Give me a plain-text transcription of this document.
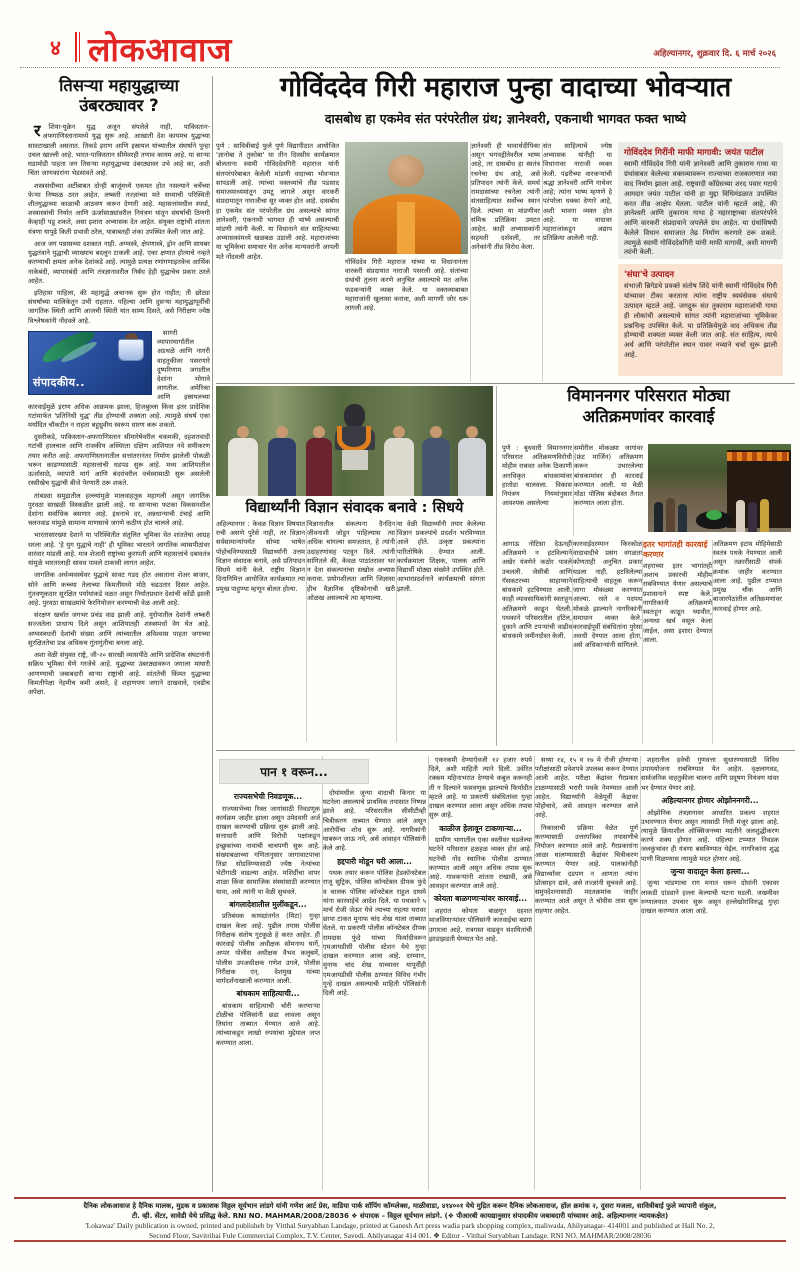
४ लोकआवाज	अहिल्यानगर, शुक्रवार दि. ६ मार्च २०२६
तिसऱ्या महायुद्धाच्या
उंबरठ्यावर ?

र	शिया-युक्रेन युद्ध अजून संपलेले नाही. पाकिस्तान-अफगाणिस्तानामध्ये युद्ध सुरू आहे. आखाती देश कायमच युद्धाच्या सावटाखाली असतात. तिकडे इराण आणि इस्रायल यांच्यातील संघर्षाने पुन्हा उचल खाल्ली आहे. भारत-पाकिस्तान सीमेवरही तणाव कायम आहे. या साऱ्या घडामोडी पाहता जग तिसऱ्या महायुद्धाच्या उंबरठ्यावर उभे आहे का, अशी चिंता जाणकारांना भेडसावते आहे.

शस्त्रसंधीच्या अटींबाबत दोन्ही बाजूंमध्ये एकमत होत नसल्याने चर्चेच्या फेऱ्या निष्फळ ठरत आहेत. लष्करी तज्ज्ञांच्या मते सध्याची परिस्थिती शीतयुद्धाच्या काळाची आठवण करून देणारी आहे. महासत्तांमधील स्पर्धा, शस्त्रास्त्रांची निर्यात आणि ऊर्जासाठ्यांवरील नियंत्रण यांतून संघर्षाची ठिणगी केव्हाही पडू शकते, असा इशारा अभ्यासक देत आहेत. संयुक्त राष्ट्रांची शांतता यंत्रणा यापुढे किती प्रभावी ठरेल, याबाबतही शंका उपस्थित केली जात आहे.

आज जग पन्नासच्या दशकात नाही. अण्वस्त्रे, क्षेपणास्त्रे, ड्रोन आणि सायबर युद्धतंत्राने युद्धाची व्याख्याच बदलून टाकली आहे. एका क्षणात होत्याचे नव्हते करण्याची क्षमता अनेक देशांकडे आहे. त्यामुळे प्रत्यक्ष रणांगणाइतकेच आर्थिक नाकेबंदी, व्यापारबंदी आणि तंत्रज्ञानावरील निर्बंध हेही युद्धाचेच प्रकार ठरले आहेत.

इतिहास पाहिला, की महायुद्धे अचानक सुरू होत नाहीत; ती छोट्या संघर्षांच्या मालिकेतून उभी राहतात. पहिल्या आणि दुसऱ्या महायुद्धापूर्वीची जागतिक स्थिती आणि आजची स्थिती यांत साम्य दिसते, असे निरीक्षण ज्येष्ठ विश्लेषकांनी नोंदवले आहे.

संपादकीय..

सागरी व्यापारमार्गांतील अडथळे आणि नागरी वाहतुकीवर पसरणारे दुष्परिणाम जगातील देशांना भोगावे लागतील. अमेरिका आणि इस्रायलच्या कारवाईमुळे इराण अधिक आक्रमक झाला, हिजबुल्ला किंवा इतर प्रादेशिक गटांमार्फत 'प्रतिनिधी युद्ध' तीव्र होण्याची शक्यता आहे. त्यामुळे संघर्ष एका मर्यादित चौकटीत न राहता बहुध्रुवीय स्वरूप धारण करू शकतो.

दुसरीकडे, पाकिस्तान-अफगाणिस्तान सीमारेषेवरील चकमकी, दहशतवादी गटांची हालचाल आणि राजकीय अस्थिरता दक्षिण आशियात नवे समीकरण तयार करीत आहे. अफगाणिस्तानातील सत्तांतरानंतर निर्माण झालेली पोकळी भरून काढण्यासाठी महासत्तांची धडपड सुरू आहे. मध्य आशियातील ऊर्जासाठे, व्यापारी मार्ग आणि बंदरांवरील वर्चस्वासाठी सुरू असलेली रस्सीखेच युद्धाची बीजे पेरणारी ठरू शकते.

तांबड्या समुद्रातील हल्ल्यांमुळे मालवाहतूक महागली असून जागतिक पुरवठा साखळी विस्कळीत झाली आहे. या साऱ्याचा फटका विकसनशील देशांना सर्वाधिक बसणार आहे. इंधनाचे दर, अन्नधान्याची टंचाई आणि चलनवाढ यांमुळे सामान्य माणसाचे जगणे कठीण होत चालले आहे.

भारतासारख्या देशाने या परिस्थितीत संतुलित भूमिका घेत शांततेचा आग्रह धरला आहे. 'हे युग युद्धाचे नाही' ही भूमिका भारताने जागतिक व्यासपीठांवर वारंवार मांडली आहे. मात्र शेजारी राष्ट्रांच्या कुरापती आणि महासत्तांचे दबावतंत्र यांमुळे भारतालाही सावध पावले टाकावी लागत आहेत.

जागतिक अर्थव्यवस्थेवर युद्धाचे सावट गडद होत असताना शेअर बाजार, सोने आणि कच्च्या तेलाच्या किमतींमध्ये मोठे चढउतार दिसत आहेत. गुंतवणूकदार सुरक्षित पर्यायांकडे वळत असून निर्यातप्रधान देशांची कोंडी झाली आहे. पुरवठा साखळ्यांचे फेरनियोजन करण्याची वेळ आली आहे.

संरक्षण खर्चात जगभर प्रचंड वाढ झाली आहे. युरोपातील देशांनी लष्करी सज्जतेला प्राधान्य दिले असून आशियातही शस्त्रस्पर्धा वेग घेत आहे. अण्वस्त्रधारी देशांची संख्या आणि त्यांच्यातील अविश्वास पाहता जगाच्या सुरक्षिततेचा प्रश्न अधिकच गुंतागुंतीचा बनला आहे.

अशा वेळी संयुक्त राष्ट्रे, जी-२० सारखी व्यासपीठे आणि प्रादेशिक संघटनांनी सक्रिय भूमिका घेणे गरजेचे आहे. युद्धाच्या उंबरठ्यावरून जगाला माघारी आणण्याची जबाबदारी साऱ्या राष्ट्रांची आहे. शांततेची किंमत युद्धाच्या किमतीपेक्षा नेहमीच कमी असते, हे शहाणपण जगाने दाखवावे, एवढीच अपेक्षा.

गोविंददेव गिरी महाराज पुन्हा वादाच्या भोवऱ्यात
दासबोध हा एकमेव संत परंपरेतील ग्रंथ; ज्ञानेश्वरी, एकनाथी भागवत फक्त भाष्ये
पुणे : सावित्रीबाई फुले पुणे विद्यापीठात आयोजित 'ज्ञानोबा ते तुकोबा' या तीन दिवसीय कार्यक्रमात बोलताना स्वामी गोविंददेवगिरी महाराज यांनी संतपरंपरेबाबत केलेली मांडणी वादाच्या भोवऱ्यात सापडली आहे. त्यांच्या वक्तव्यांचे तीव्र पडसाद समाजमाध्यमांतून उमटू लागले असून वारकरी संप्रदायातून नाराजीचा सूर व्यक्त होत आहे. दासबोध हा एकमेव संत परंपरेतील ग्रंथ असल्याचे सांगत ज्ञानेश्वरी, एकनाथी भागवत ही भाष्ये असल्याची मांडणी त्यांनी केली. या विधानाने संत साहित्याच्या अभ्यासकांमध्ये खळबळ उडाली आहे. महाराजांच्या या भूमिकेचा समाचार घेत अनेक मान्यवरांनी आपली मते नोंदवली आहेत.
गोविंददेव गिरी महाराज यांच्या या विधानानंतर वारकरी संप्रदायात नाराजी पसरली आहे. संतांच्या ग्रंथांची तुलना करणे अनुचित असल्याचे मत अनेक फडकऱ्यांनी व्यक्त केले. या वक्तव्याबाबत महाराजांनी खुलासा करावा, अशी मागणी जोर धरू लागली आहे.
ज्ञानेश्वरी ही भावार्थदीपिका असून भगवद्गीतेवरील भाष्य आहे, तर दासबोध हा स्वतंत्र रचनेचा ग्रंथ आहे, असे प्रतिपादन त्यांनी केले. समर्थ रामदासांच्या रचनेला त्यांनी संतसाहित्यात सर्वोच्च स्थान दिले. त्यांच्या या मांडणीवर संमिश्र प्रतिक्रिया उमटत आहेत. काही अभ्यासकांनी सहमती दर्शवली, तर अनेकांनी तीव्र विरोध केला.
संत साहित्याचे ज्येष्ठ अभ्यासक यांनीही या विधानावर नाराजी व्यक्त केली. पंढरीच्या वारकऱ्यांची श्रद्धा ज्ञानेश्वरी आणि गाथेवर आहे; त्यांना भाष्य म्हणणे हे परंपरेला धक्का देणारे आहे, अशी भावना व्यक्त होत आहे. या वादावर महाराजांकडून अद्याप प्रतिक्रिया आलेली नाही.
गोविंददेव गिरींनी माफी मागावी: जयंत पाटील
स्वामी गोविंददेव गिरी यांनी ज्ञानेश्वरी आणि तुकाराम गाथा या ग्रंथांबाबत केलेल्या वक्तव्यावरून राज्याच्या राजकारणात नवा वाद निर्माण झाला आहे. राष्ट्रवादी काँग्रेसच्या शरद पवार गटाचे आमदार जयंत पाटील यांनी हा मुद्दा विधिमंडळात उपस्थित करत तीव्र आक्षेप घेतला. पाटील यांनी म्हटले आहे, की ज्ञानेश्वरी आणि तुकाराम गाथा हे महाराष्ट्राच्या संतपरंपरेने आणि वारकरी संप्रदायाने जपलेले ग्रंथ आहेत. या ग्रंथांविषयी केलेले विधान समाजात तेढ निर्माण करणारे ठरू शकते. त्यामुळे स्वामी गोविंददेवगिरी यांनी माफी मागावी, अशी मागणी त्यांनी केली.
'संघा'चे उत्पादन
संभाजी ब्रिगेडचे प्रवक्ते संतोष शिंदे यांनी स्वामी गोविंददेव गिरी यांच्यावर टीका करताना त्यांना राष्ट्रीय स्वयंसेवक संघाचे उत्पादन म्हटले आहे. जगद्गुरू संत तुकाराम महाराजांची गाथा ही लोकांची असल्याचे सांगत त्यांनी महाराजांच्या भूमिकेवर प्रश्नचिन्ह उपस्थित केले. या प्रतिक्रियेमुळे वाद अधिकच तीव्र होण्याची शक्यता व्यक्त केली जात आहे. संत साहित्य, त्याचे अर्थ आणि परंपरेतील स्थान यावर नव्याने चर्चा सुरू झाली आहे.
विद्यार्थ्यांनी विज्ञान संवादक बनावे : सिधये
अहिल्यानगर : केवळ विज्ञान विषयात रुची असणे पुरेसे नाही, तर विज्ञान सर्वसामान्यांपर्यंत सोप्या भाषेत पोहोचविण्यासाठी विद्यार्थ्यांनी उत्तम विज्ञान संवादक बनावे, असे प्रतिपादन सिधये यांनी केले. राष्ट्रीय विज्ञान दिनानिमित्त आयोजित कार्यक्रमात त्या प्रमुख पाहुण्या म्हणून बोलत होत्या.
विज्ञानातील संकल्पना दैनंदिन जीवनाशी जोडून पाहिल्यास त्या अधिक चांगल्या समजतात, हे त्यांनी उदाहरणांसह पटवून दिले. त्यांनी सांगितले की, केवळ पाठांतरावर भर न देता संकल्पनांचा सखोल अभ्यास करावा. प्रयोगशीलता आणि जिज्ञासा हीच वैज्ञानिक दृष्टिकोनाची खरी ओळख असल्याचे त्या म्हणाल्या.
या वेळी विद्यार्थ्यांनी तयार केलेल्या विज्ञान प्रकल्पांचे प्रदर्शन भरविण्यात आले होते. उत्कृष्ट प्रकल्पांना पारितोषिके देण्यात आली. कार्यक्रमाला शिक्षक, पालक आणि विद्यार्थी मोठ्या संख्येने उपस्थित होते. आभारप्रदर्शनाने कार्यक्रमाची सांगता झाली.
विमाननगर परिसरात मोठ्या
अतिक्रमणांवर कारवाई
पुणे : बुधवारी विमाननगर परिसरात अतिक्रमणविरोधी मोहीम राबवत अनेक ठिकाणी अनधिकृत बांधकामांवर हातोडा चालवला. विकास नियंत्रण नियमांनुसार आवश्यक असलेल्या
समोरील मोकळ्या जागांवर (फ्रंट मार्जिन) अतिक्रमण करून उभारलेल्या बांधकामांवर ही कारवाई करण्यात आली. या वेळी मोठा पोलिस बंदोबस्त तैनात करण्यात आला होता.
आगाऊ नोटिसा देऊनही अतिक्रमणे न हटविल्याने अखेर यंत्रणेने कठोर पावले उचलली. जेसीबी आणि गॅसकटरच्या साहाय्याने बांधकामे हटविण्यात आली. काही व्यावसायिकांनी स्वतःहून अतिक्रमणे काढून घेतली. पथकाने परिसरातील हॉटेल, दुकाने आणि टपऱ्यांची वाढीव बांधकामे जमीनदोस्त केली.
कारवाईदरम्यान किरकोळ वादावादीचे प्रसंग वगळता कोणताही अनुचित प्रकार घडला नाही. हटविलेल्या साहित्याची वाहतूक करून जागा मोकळ्या करण्यात आल्या. रस्ते व पदपथ मोकळे झाल्याने नागरिकांनी समाधान व्यक्त केले. कारवाईपूर्वी संबंधितांना पुरेसा अवधी देण्यात आला होता, असे अधिकाऱ्यांनी सांगितले.
इतर भागांतही कारवाई करणार
शहराच्या इतर भागांतही अशाच प्रकारची मोहीम राबविण्यात येणार असल्याचे प्रशासनाने स्पष्ट केले. नागरिकांनी अतिक्रमणे स्वतःहून काढून घ्यावीत, अन्यथा खर्च वसूल केला जाईल, असा इशारा देण्यात आला.
अतिक्रमण हटाव मोहिमेसाठी स्वतंत्र पथके नेमण्यात आली असून तक्रारींसाठी संपर्क क्रमांक जाहीर करण्यात आला आहे. पुढील टप्प्यात प्रमुख चौक आणि बाजारपेठांतील अतिक्रमणांवर कारवाई होणार आहे.
पान १ वरून...
राज्यसभेची निवडणूक...

राज्यसभेच्या रिक्त जागांसाठी निवडणूक कार्यक्रम जाहीर झाला असून उमेदवारी अर्ज दाखल करण्याची प्रक्रिया सुरू झाली आहे. सत्ताधारी आणि विरोधी पक्षांकडून इच्छुकांच्या नावांची चाचपणी सुरू आहे. संख्याबळाच्या गणितानुसार जागावाटपाचा तिढा सोडविण्यासाठी ज्येष्ठ नेत्यांच्या भेटीगाठी वाढल्या आहेत. मशिदींचा वापर शाळा किंवा सामाजिक संस्थांसाठी करण्यात यावा, असे त्यांनी या वेळी सुचवले.

बांगलादेशातील मुलींकडून...

प्रतिबंधक कायद्यांतर्गत (मिटा) गुन्हा दाखल केला आहे. पुढील तपास पोलीस निरीक्षक संतोष गुटकुळे हे करत आहेत. ही कारवाई पोलीस अधीक्षक सोमनाथ घार्गे, अप्पर पोलीस अधीक्षक वैभव कलुबर्मे, पोलीस उपअधीक्षक गणेश उगले, पोलीस निरीक्षक एन्. देशमुख यांच्या मार्गदर्शनाखाली करण्यात आली.

बांधकाम साहित्याची...

बांधकाम साहित्याची चोरी करणाऱ्या टोळीचा पोलिसांनी छडा लावला असून तिघांना ताब्यात घेण्यात आले आहे. त्यांच्याकडून लाखो रुपयांचा मुद्देमाल जप्त करण्यात आला.

दोघांमधील जुन्या वादाची किनार या घटनेला असल्याचे प्राथमिक तपासात निष्पन्न झाले आहे. परिसरातील सीसीटीव्ही चित्रीकरण ताब्यात घेण्यात आले असून आरोपींचा शोध सुरू आहे. नागरिकांनी घाबरून जाऊ नये, असे आवाहन पोलिसांनी केले आहे.

हद्दपारी मोडून घरी आला...

पथक तयार करून पोलिस हेडकॉन्स्टेबल राजू सुट्रिक, पोलिस कॉन्स्टेबल दीपक फुंदे व चालक पोलिस कॉन्स्टेबल राहुल दाघमे यांना कारवाईचे आदेश दिले. या पथकाने ५ मार्च रोजी जेऊर येथे त्याच्या राहत्या घरावर छापा टाकत मुनाफ चांद शेख याला ताब्यात घेतले. या प्रकरणी पोलीस कॉन्स्टेबल दीपक रामदास फुंदे यांच्या फिर्यादीवरून एमआयडीसी पोलीस स्टेशन येथे गुन्हा दाखल करण्यात आला आहे. दरम्यान, मुनाफ चांद शेख याच्यावर यापूर्वीही एमआयडीसी पोलीस ठाण्यात विविध गंभीर गुन्हे दाखल असल्याची माहिती पोलिसांनी दिली आहे.

एकरकमी देण्याऐवजी १२ हजार रुपये दिले, अशी माहिती त्याने दिली. उर्वरित रक्कम महिनाभरात देण्याचे कबूल करूनही ती न दिल्याने फसवणूक झाल्याचे फिर्यादीत म्हटले आहे. या प्रकरणी संबंधितांवर गुन्हा दाखल करण्यात आला असून अधिक तपास सुरू आहे.

काळीज हेलावून टाकणाऱ्या...

ग्रामीण भागातील एका वस्तीवर घडलेल्या घटनेने परिसरात हळहळ व्यक्त होत आहे. घटनेची नोंद स्थानिक पोलीस ठाण्यात करण्यात आली असून अधिक तपास सुरू आहे. गावकऱ्यांनी शांतता राखावी, असे आवाहन करण्यात आले आहे.

कोयता बाळगणाऱ्यांवर कारवाई...

शहरात कोयता बाळगून दहशत माजविणाऱ्यांवर पोलिसांनी कारवाईचा बडगा उगारला आहे. रात्रगस्त वाढवून संशयितांची झाडाझडती घेण्यात येत आहे.

सध्या १४, १५ व १७ मे रोजी होणाऱ्या परीक्षांसाठी प्रवेशपत्रे उपलब्ध करून देण्यात आली आहेत. परीक्षा केंद्रांवर गैरप्रकार टाळण्यासाठी भरारी पथके नेमण्यात आली आहेत. विद्यार्थ्यांनी वेळेपूर्वी केंद्रावर पोहोचावे, असे आवाहन करण्यात आले आहे.

निकालाची प्रक्रिया वेळेत पूर्ण करण्यासाठी उत्तरपत्रिका तपासणीचे नियोजन करण्यात आले आहे. गैरप्रकारांना आळा घालण्यासाठी केंद्रांवर चित्रीकरण करण्यात येणार आहे. पालकांनीही विद्यार्थ्यांवर दडपण न आणता त्यांना प्रोत्साहन द्यावे, असे तज्ज्ञांनी सुचवले आहे. समुपदेशनासाठी मदतक्रमांक जाहीर करण्यात आले असून ते चोवीस तास सुरू राहणार आहेत.

शहरातील हवेची गुणवत्ता सुधारण्यासाठी विविध उपाययोजना राबविण्यात येत आहेत. वृक्षलागवड, सार्वजनिक वाहतुकीला चालना आणि प्रदूषण नियंत्रण यांवर भर देण्यात येणार आहे.

अहिल्यानगर होणार ओझोननगरी...

ओझोनिक तंत्रज्ञानावर आधारित प्रकल्प शहरात उभारण्यात येणार असून त्यासाठी निधी मंजूर झाला आहे. त्यामुळे क्रियाशील ऑक्सिजनच्या मदतीने जलशुद्धीकरण करणे शक्य होणार आहे. पहिल्या टप्प्यात निवडक जलकुंभांवर ही यंत्रणा बसविण्यात येईल. नागरिकांना शुद्ध पाणी मिळण्यास त्यामुळे मदत होणार आहे.

जुन्या वादातून केला हल्ला...

जुन्या भांडणाचा राग मनात धरून दोघांनी एकावर लाकडी दांड्याने हल्ला केल्याची घटना घडली. जखमीवर रुग्णालयात उपचार सुरू असून हल्लेखोरांविरुद्ध गुन्हा दाखल करण्यात आला आहे.

दैनिक लोकआवाज हे दैनिक मालक, मुद्रक व प्रकाशक विठ्ठल सूर्यभान लांडगे यांनी गणेश आर्ट प्रेस, वाडिया पार्क शॉपिंग कॉम्प्लेक्स, माळीवाडा, ४१४००१ येथे मुद्रित करून दैनिक लोकआवाज, हॉल क्रमांक २, दुसरा मजला, सावित्रीबाई फुले व्यापारी संकुल,
टी. व्ही. सेंटर, सावेडी येथे प्रसिद्ध केले. RNI NO. MAHMAR/2008/28036 ❖ संपादक – विठ्ठल सूर्यभान लांडगे. (❖ पीआरबी कायद्यानुसार संपादकीय जबाबदारी यांच्यावर आहे. अहिल्यानगर न्यायकक्षेत)
'Lokawaz' Daily publication is owned, printed and publisheb by Vitthal Suryabhan Landage, printed at Ganesh Art press wadia park shopping complex, maliwada, Ahilyanagar- 414001 and published at Hall No. 2,
Second Floor, Savitribai Fule Commercial Complex, T.V. Center, Savedi. Ahilyanagar 414 001. ❖ Editor - Vitthal Suryabhan Landage. RNI NO. MAHMAR/2008/28036
